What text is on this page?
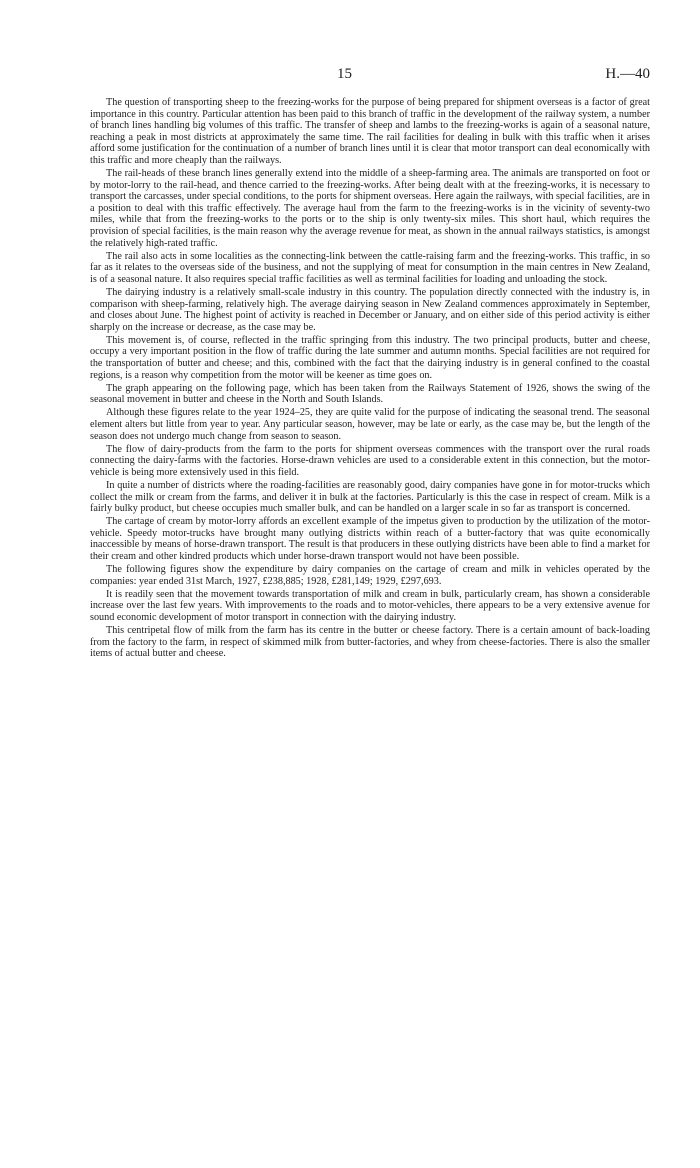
15	H.—40

The question of transporting sheep to the freezing-works for the purpose of being prepared for shipment overseas is a factor of great importance in this country. Particular attention has been paid to this branch of traffic in the development of the railway system, a number of branch lines handling big volumes of this traffic. The transfer of sheep and lambs to the freezing-works is again of a seasonal nature, reaching a peak in most districts at approximately the same time. The rail facilities for dealing in bulk with this traffic when it arises afford some justification for the continuation of a number of branch lines until it is clear that motor transport can deal economically with this traffic and more cheaply than the railways.

The rail-heads of these branch lines generally extend into the middle of a sheep-farming area. The animals are transported on foot or by motor-lorry to the rail-head, and thence carried to the freezing-works. After being dealt with at the freezing-works, it is necessary to transport the carcasses, under special conditions, to the ports for shipment overseas. Here again the railways, with special facilities, are in a position to deal with this traffic effectively. The average haul from the farm to the freezing-works is in the vicinity of seventy-two miles, while that from the freezing-works to the ports or to the ship is only twenty-six miles. This short haul, which requires the provision of special facilities, is the main reason why the average revenue for meat, as shown in the annual railways statistics, is amongst the relatively high-rated traffic.

The rail also acts in some localities as the connecting-link between the cattle-raising farm and the freezing-works. This traffic, in so far as it relates to the overseas side of the business, and not the supplying of meat for consumption in the main centres in New Zealand, is of a seasonal nature. It also requires special traffic facilities as well as terminal facilities for loading and unloading the stock.

The dairying industry is a relatively small-scale industry in this country. The population directly connected with the industry is, in comparison with sheep-farming, relatively high. The average dairying season in New Zealand commences approximately in September, and closes about June. The highest point of activity is reached in December or January, and on either side of this period activity is either sharply on the increase or decrease, as the case may be.

This movement is, of course, reflected in the traffic springing from this industry. The two principal products, butter and cheese, occupy a very important position in the flow of traffic during the late summer and autumn months. Special facilities are not required for the transportation of butter and cheese; and this, combined with the fact that the dairying industry is in general confined to the coastal regions, is a reason why competition from the motor will be keener as time goes on.

The graph appearing on the following page, which has been taken from the Railways Statement of 1926, shows the swing of the seasonal movement in butter and cheese in the North and South Islands.

Although these figures relate to the year 1924–25, they are quite valid for the purpose of indicating the seasonal trend. The seasonal element alters but little from year to year. Any particular season, however, may be late or early, as the case may be, but the length of the season does not undergo much change from season to season.

The flow of dairy-products from the farm to the ports for shipment overseas commences with the transport over the rural roads connecting the dairy-farms with the factories. Horse-drawn vehicles are used to a considerable extent in this connection, but the motor-vehicle is being more extensively used in this field.

In quite a number of districts where the roading-facilities are reasonably good, dairy companies have gone in for motor-trucks which collect the milk or cream from the farms, and deliver it in bulk at the factories. Particularly is this the case in respect of cream. Milk is a fairly bulky product, but cheese occupies much smaller bulk, and can be handled on a larger scale in so far as transport is concerned.

The cartage of cream by motor-lorry affords an excellent example of the impetus given to production by the utilization of the motor-vehicle. Speedy motor-trucks have brought many outlying districts within reach of a butter-factory that was quite economically inaccessible by means of horse-drawn transport. The result is that producers in these outlying districts have been able to find a market for their cream and other kindred products which under horse-drawn transport would not have been possible.

The following figures show the expenditure by dairy companies on the cartage of cream and milk in vehicles operated by the companies: year ended 31st March, 1927, £238,885; 1928, £281,149; 1929, £297,693.

It is readily seen that the movement towards transportation of milk and cream in bulk, particularly cream, has shown a considerable increase over the last few years. With improvements to the roads and to motor-vehicles, there appears to be a very extensive avenue for sound economic development of motor transport in connection with the dairying industry.

This centripetal flow of milk from the farm has its centre in the butter or cheese factory. There is a certain amount of back-loading from the factory to the farm, in respect of skimmed milk from butter-factories, and whey from cheese-factories. There is also the smaller items of actual butter and cheese.
